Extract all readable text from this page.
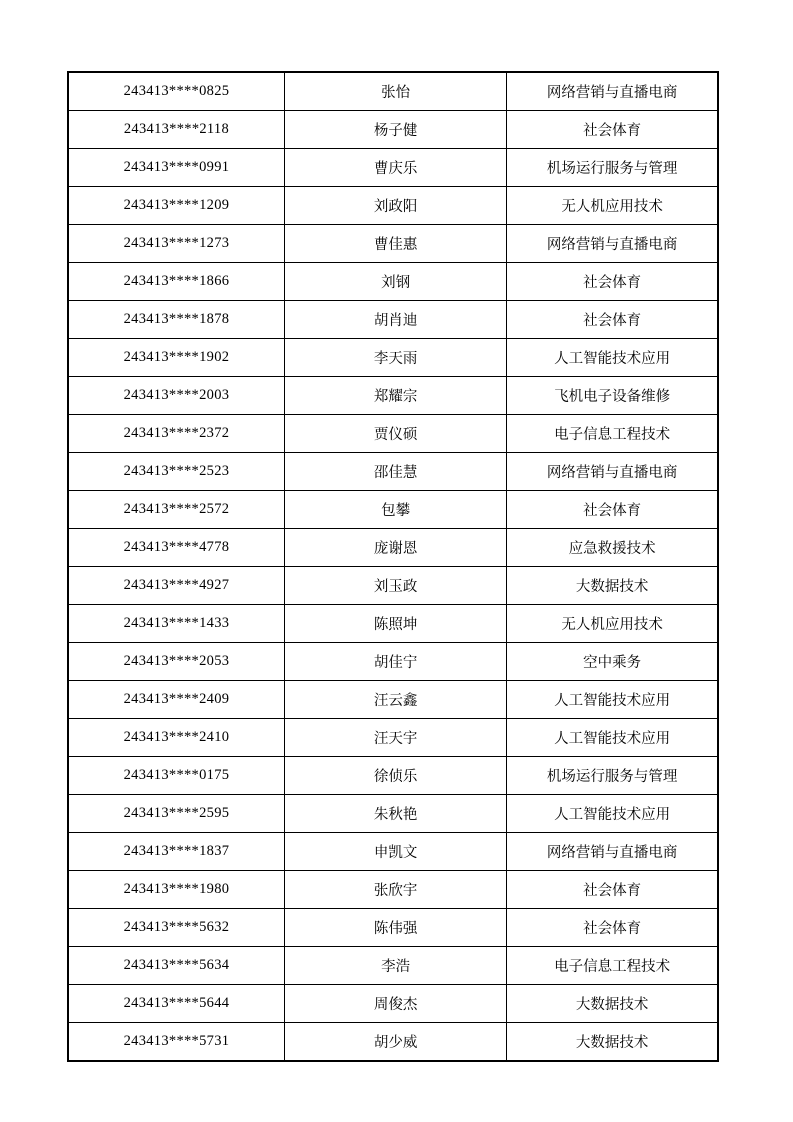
243413****0825	张怡	网络营销与直播电商
243413****2118	杨子健	社会体育
243413****0991	曹庆乐	机场运行服务与管理
243413****1209	刘政阳	无人机应用技术
243413****1273	曹佳惠	网络营销与直播电商
243413****1866	刘钢	社会体育
243413****1878	胡肖迪	社会体育
243413****1902	李天雨	人工智能技术应用
243413****2003	郑耀宗	飞机电子设备维修
243413****2372	贾仪硕	电子信息工程技术
243413****2523	邵佳慧	网络营销与直播电商
243413****2572	包攀	社会体育
243413****4778	庞谢恩	应急救援技术
243413****4927	刘玉政	大数据技术
243413****1433	陈照坤	无人机应用技术
243413****2053	胡佳宁	空中乘务
243413****2409	汪云鑫	人工智能技术应用
243413****2410	汪天宇	人工智能技术应用
243413****0175	徐侦乐	机场运行服务与管理
243413****2595	朱秋艳	人工智能技术应用
243413****1837	申凯文	网络营销与直播电商
243413****1980	张欣宇	社会体育
243413****5632	陈伟强	社会体育
243413****5634	李浩	电子信息工程技术
243413****5644	周俊杰	大数据技术
243413****5731	胡少威	大数据技术
